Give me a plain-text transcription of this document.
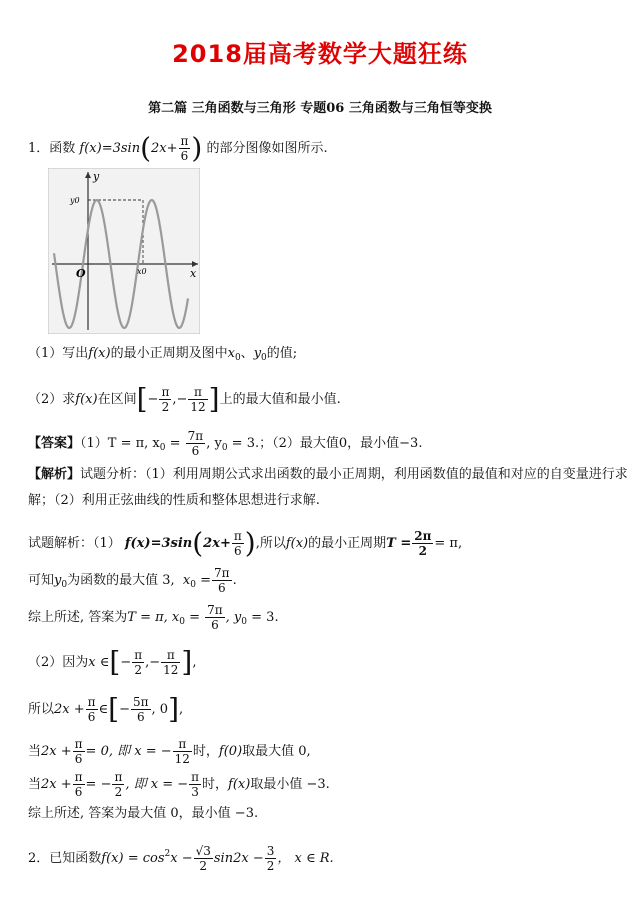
2018届高考数学大题狂练
第二篇 三角函数与三角形 专题06 三角函数与三角恒等变换
1．函数 $f(x)=3\sin(2x+ \frac{\pi}{6}$ ) 的部分图像如图所示.
y
x
O
y0
x0
（1）写出f(x)的最小正周期及图中$x_0$、$y_0$的值;
（2）求f(x)在区间[− $\frac{\pi}{2}$ ,− $\frac{\pi}{12}$ ]上的最大值和最小值.
【答案】（1）T = π, $x_0 = \frac{7\pi}{6}$ , $y_0 = 3$.；（2）最大值0，最小值−3.
【解析】试题分析：（1）利用周期公式求出函数的最小正周期，利用函数值的最值和对应的自变量进行求
解；（2）利用正弦曲线的性质和整体思想进行求解.
试题解析：（1） $f(x)=3\sin(2x+ \frac{\pi}{6}$ ),所以f(x)的最小正周期$T = \frac{2\pi}{2} = \pi$,
可知$y_0$为函数的最大值 3, $x_0 = \frac{7\pi}{6}$ .
综上所述, 答案为T = π, $x_0 = \frac{7\pi}{6}$ , $y_0 = 3$.
（2）因为x ∈[− $\frac{\pi}{2}$ ,− $\frac{\pi}{12}$ ],
所以$2x + \frac{\pi}{6}$ ∈[− $\frac{5\pi}{6}$ , 0],
当$2x + \frac{\pi}{6} = 0$, 即 x = − $\frac{\pi}{12}$ 时，f(0)取最大值 0,
当$2x + \frac{\pi}{6}$ = − $\frac{\pi}{2}$ , 即 x = − $\frac{\pi}{3}$ 时，f(x)取最小值 −3.
综上所述, 答案为最大值 0，最小值 −3.
2．已知函数$f(x) = \cos^2x - \frac{√3}{2} \sin 2x - \frac{3}{2}$ ， x ∈ R.
